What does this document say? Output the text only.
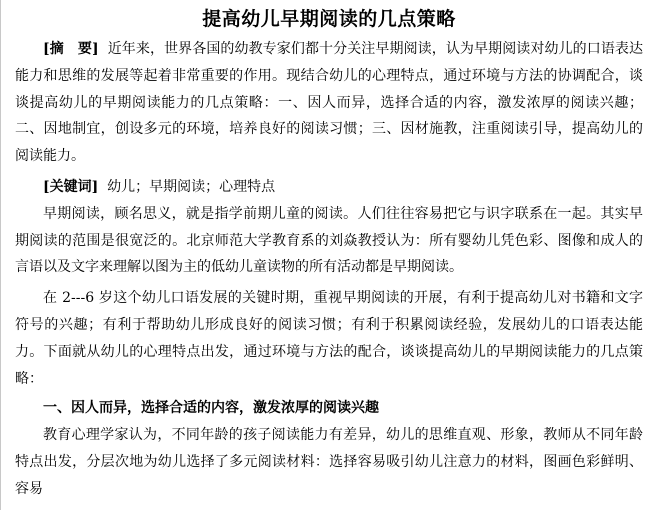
提高幼儿早期阅读的几点策略

[摘　要] 近年来，世界各国的幼教专家们都十分关注早期阅读，认为早期阅读对幼儿的口语表达能力和思维的发展等起着非常重要的作用。现结合幼儿的心理特点，通过环境与方法的协调配合，谈谈提高幼儿的早期阅读能力的几点策略：一、因人而异，选择合适的内容，激发浓厚的阅读兴趣；二、因地制宜，创设多元的环境，培养良好的阅读习惯；三、因材施教，注重阅读引导，提高幼儿的阅读能力。

[关键词] 幼儿；早期阅读；心理特点

早期阅读，顾名思义，就是指学前期儿童的阅读。人们往往容易把它与识字联系在一起。其实早期阅读的范围是很宽泛的。北京师范大学教育系的刘焱教授认为：所有婴幼儿凭色彩、图像和成人的言语以及文字来理解以图为主的低幼儿童读物的所有活动都是早期阅读。

在 2---6 岁这个幼儿口语发展的关键时期，重视早期阅读的开展，有利于提高幼儿对书籍和文字符号的兴趣；有利于帮助幼儿形成良好的阅读习惯；有利于积累阅读经验，发展幼儿的口语表达能力。下面就从幼儿的心理特点出发，通过环境与方法的配合，谈谈提高幼儿的早期阅读能力的几点策略：

一、因人而异，选择合适的内容，激发浓厚的阅读兴趣

教育心理学家认为，不同年龄的孩子阅读能力有差异，幼儿的思维直观、形象，教师从不同年龄特点出发，分层次地为幼儿选择了多元阅读材料：选择容易吸引幼儿注意力的材料，图画色彩鲜明、容易
